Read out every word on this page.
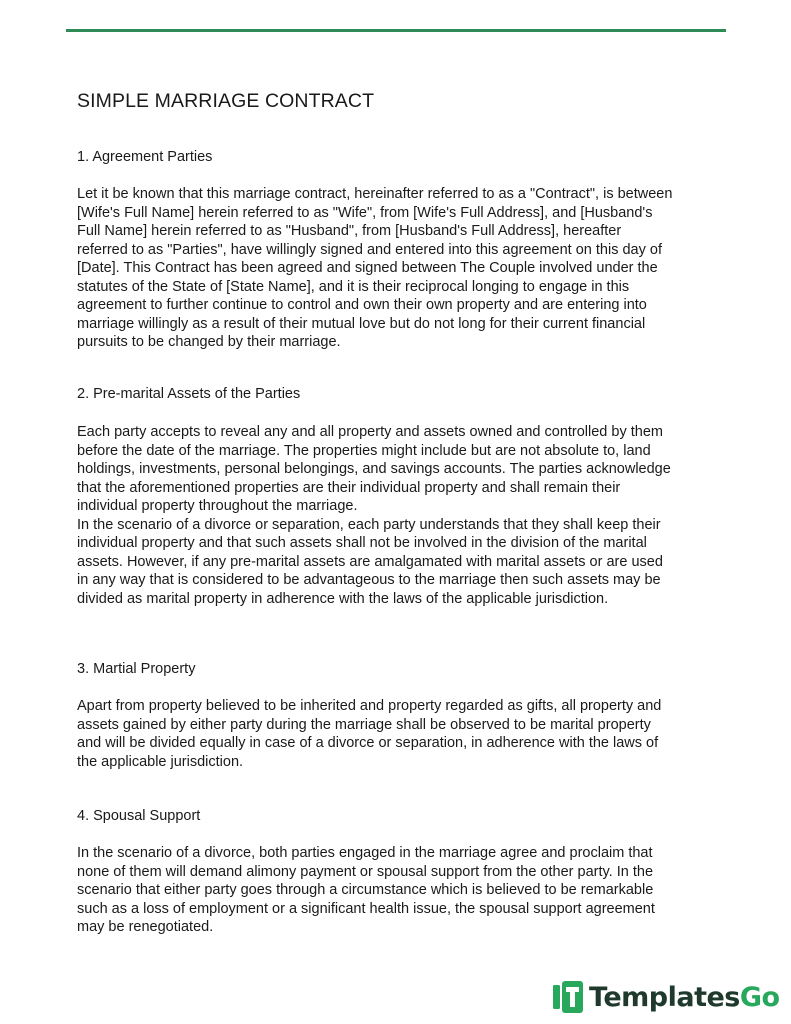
SIMPLE MARRIAGE CONTRACT
1. Agreement Parties

Let it be known that this marriage contract, hereinafter referred to as a "Contract", is between
[Wife's Full Name] herein referred to as "Wife", from [Wife's Full Address], and [Husband's
Full Name] herein referred to as "Husband", from [Husband's Full Address], hereafter
referred to as "Parties", have willingly signed and entered into this agreement on this day of
[Date]. This Contract has been agreed and signed between The Couple involved under the
statutes of the State of [State Name], and it is their reciprocal longing to engage in this
agreement to further continue to control and own their own property and are entering into
marriage willingly as a result of their mutual love but do not long for their current financial
pursuits to be changed by their marriage.

2. Pre-marital Assets of the Parties

Each party accepts to reveal any and all property and assets owned and controlled by them
before the date of the marriage. The properties might include but are not absolute to, land
holdings, investments, personal belongings, and savings accounts. The parties acknowledge
that the aforementioned properties are their individual property and shall remain their
individual property throughout the marriage.
In the scenario of a divorce or separation, each party understands that they shall keep their
individual property and that such assets shall not be involved in the division of the marital
assets. However, if any pre-marital assets are amalgamated with marital assets or are used
in any way that is considered to be advantageous to the marriage then such assets may be
divided as marital property in adherence with the laws of the applicable jurisdiction.

3. Martial Property

Apart from property believed to be inherited and property regarded as gifts, all property and
assets gained by either party during the marriage shall be observed to be marital property
and will be divided equally in case of a divorce or separation, in adherence with the laws of
the applicable jurisdiction.

4. Spousal Support

In the scenario of a divorce, both parties engaged in the marriage agree and proclaim that
none of them will demand alimony payment or spousal support from the other party. In the
scenario that either party goes through a circumstance which is believed to be remarkable
such as a loss of employment or a significant health issue, the spousal support agreement
may be renegotiated.

TemplatesGo
